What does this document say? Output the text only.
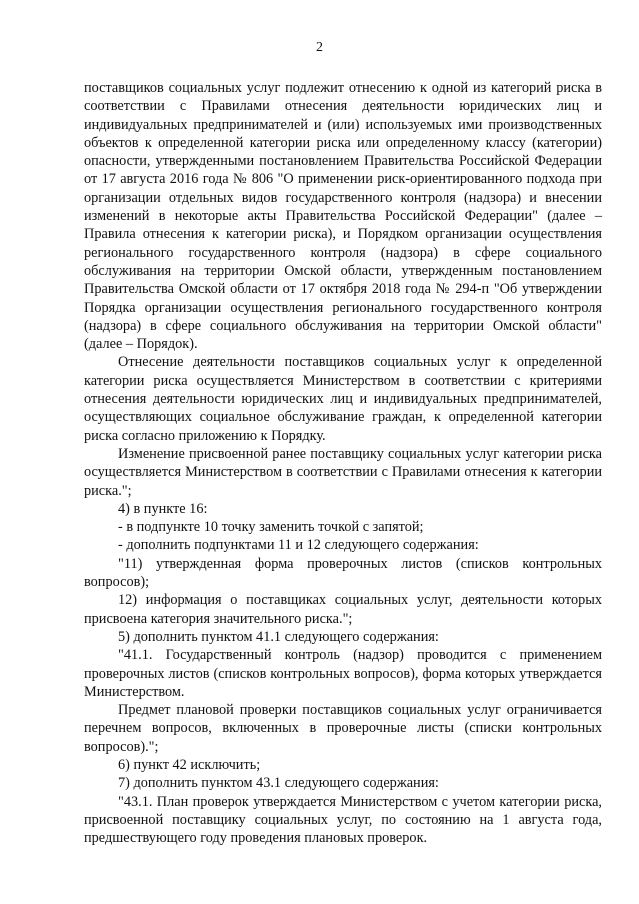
2

поставщиков социальных услуг подлежит отнесению к одной из категорий риска в соответствии с Правилами отнесения деятельности юридических лиц и индивидуальных предпринимателей и (или) используемых ими производственных объектов к определенной категории риска или определенному классу (категории) опасности, утвержденными постановлением Правительства Российской Федерации от 17 августа 2016 года № 806 "О применении риск-ориентированного подхода при организации отдельных видов государственного контроля (надзора) и внесении изменений в некоторые акты Правительства Российской Федерации" (далее – Правила отнесения к категории риска), и Порядком организации осуществления регионального государственного контроля (надзора) в сфере социального обслуживания на территории Омской области, утвержденным постановлением Правительства Омской области от 17 октября 2018 года № 294-п "Об утверждении Порядка организации осуществления регионального государственного контроля (надзора) в сфере социального обслуживания на территории Омской области" (далее – Порядок).

Отнесение деятельности поставщиков социальных услуг к определенной категории риска осуществляется Министерством в соответствии с критериями отнесения деятельности юридических лиц и индивидуальных предпринимателей, осуществляющих социальное обслуживание граждан, к определенной категории риска согласно приложению к Порядку.

Изменение присвоенной ранее поставщику социальных услуг категории риска осуществляется Министерством в соответствии с Правилами отнесения к категории риска.";

4) в пункте 16:

- в подпункте 10 точку заменить точкой с запятой;

- дополнить подпунктами 11 и 12 следующего содержания:

"11) утвержденная форма проверочных листов (списков контрольных вопросов);

12) информация о поставщиках социальных услуг, деятельности которых присвоена категория значительного риска.";

5) дополнить пунктом 41.1 следующего содержания:

"41.1. Государственный контроль (надзор) проводится с применением проверочных листов (списков контрольных вопросов), форма которых утверждается Министерством.

Предмет плановой проверки поставщиков социальных услуг ограничивается перечнем вопросов, включенных в проверочные листы (списки контрольных вопросов).";

6) пункт 42 исключить;

7) дополнить пунктом 43.1 следующего содержания:

"43.1. План проверок утверждается Министерством с учетом категории риска, присвоенной поставщику социальных услуг, по состоянию на 1 августа года, предшествующего году проведения плановых проверок.
